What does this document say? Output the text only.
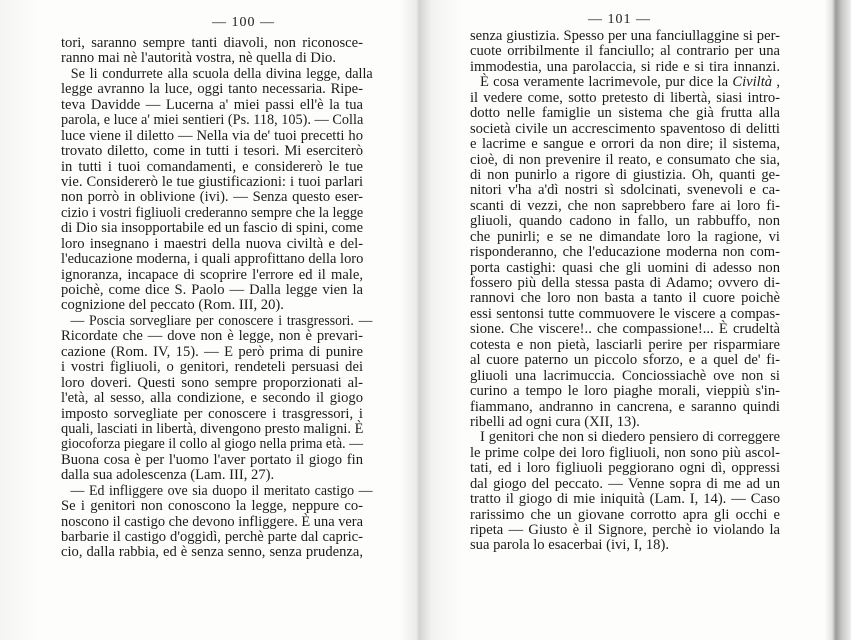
— 100 —
tori, saranno sempre tanti diavoli, non riconosce-
ranno mai nè l'autorità vostra, nè quella di Dio.
Se li condurrete alla scuola della divina legge, dalla
legge avranno la luce, oggi tanto necessaria. Ripe-
teva Davidde — Lucerna a' miei passi ell'è la tua
parola, e luce a' miei sentieri (Ps. 118, 105). — Colla
luce viene il diletto — Nella via de' tuoi precetti ho
trovato diletto, come in tutti i tesori. Mi eserciterò
in tutti i tuoi comandamenti, e considererò le tue
vie. Considererò le tue giustificazioni: i tuoi parlari
non porrò in oblivione (ivi). — Senza questo eser-
cizio i vostri figliuoli crederanno sempre che la legge
di Dio sia insopportabile ed un fascio di spini, come
loro insegnano i maestri della nuova civiltà e del-
l'educazione moderna, i quali approfittano della loro
ignoranza, incapace di scoprire l'errore ed il male,
poichè, come dice S. Paolo — Dalla legge vien la
cognizione del peccato (Rom. III, 20).
— Poscia sorvegliare per conoscere i trasgressori. —
Ricordate che — dove non è legge, non è prevari-
cazione (Rom. IV, 15). — E però prima di punire
i vostri figliuoli, o genitori, rendeteli persuasi dei
loro doveri. Questi sono sempre proporzionati al-
l'età, al sesso, alla condizione, e secondo il giogo
imposto sorvegliate per conoscere i trasgressori, i
quali, lasciati in libertà, divengono presto maligni. È
giocoforza piegare il collo al giogo nella prima età. —
Buona cosa è per l'uomo l'aver portato il giogo fin
dalla sua adolescenza (Lam. III, 27).
— Ed infliggere ove sia duopo il meritato castigo —
Se i genitori non conoscono la legge, neppure co-
noscono il castigo che devono infliggere. È una vera
barbarie il castigo d'oggidì, perchè parte dal capric-
cio, dalla rabbia, ed è senza senno, senza prudenza,
— 101 —
senza giustizia. Spesso per una fanciullaggine si per-
cuote orribilmente il fanciullo; al contrario per una
immodestia, una parolaccia, si ride e si tira innanzi.
È cosa veramente lacrimevole, pur dice la Civiltà ,
il vedere come, sotto pretesto di libertà, siasi intro-
dotto nelle famiglie un sistema che già frutta alla
società civile un accrescimento spaventoso di delitti
e lacrime e sangue e orrori da non dire; il sistema,
cioè, di non prevenire il reato, e consumato che sia,
di non punirlo a rigore di giustizia. Oh, quanti ge-
nitori v'ha a'dì nostri sì sdolcinati, svenevoli e ca-
scanti di vezzi, che non saprebbero fare ai loro fi-
gliuoli, quando cadono in fallo, un rabbuffo, non
che punirli; e se ne dimandate loro la ragione, vi
risponderanno, che l'educazione moderna non com-
porta castighi: quasi che gli uomini di adesso non
fossero più della stessa pasta di Adamo; ovvero di-
rannovi che loro non basta a tanto il cuore poichè
essi sentonsi tutte commuovere le viscere a compas-
sione. Che viscere!.. che compassione!... È crudeltà
cotesta e non pietà, lasciarli perire per risparmiare
al cuore paterno un piccolo sforzo, e a quel de' fi-
gliuoli una lacrimuccia. Conciossiachè ove non si
curino a tempo le loro piaghe morali, vieppiù s'in-
fiammano, andranno in cancrena, e saranno quindi
ribelli ad ogni cura (XII, 13).
I genitori che non si diedero pensiero di correggere
le prime colpe dei loro figliuoli, non sono più ascol-
tati, ed i loro figliuoli peggiorano ogni dì, oppressi
dal giogo del peccato. — Venne sopra di me ad un
tratto il giogo di mie iniquità (Lam. I, 14). — Caso
rarissimo che un giovane corrotto apra gli occhi e
ripeta — Giusto è il Signore, perchè io violando la
sua parola lo esacerbai (ivi, I, 18).
